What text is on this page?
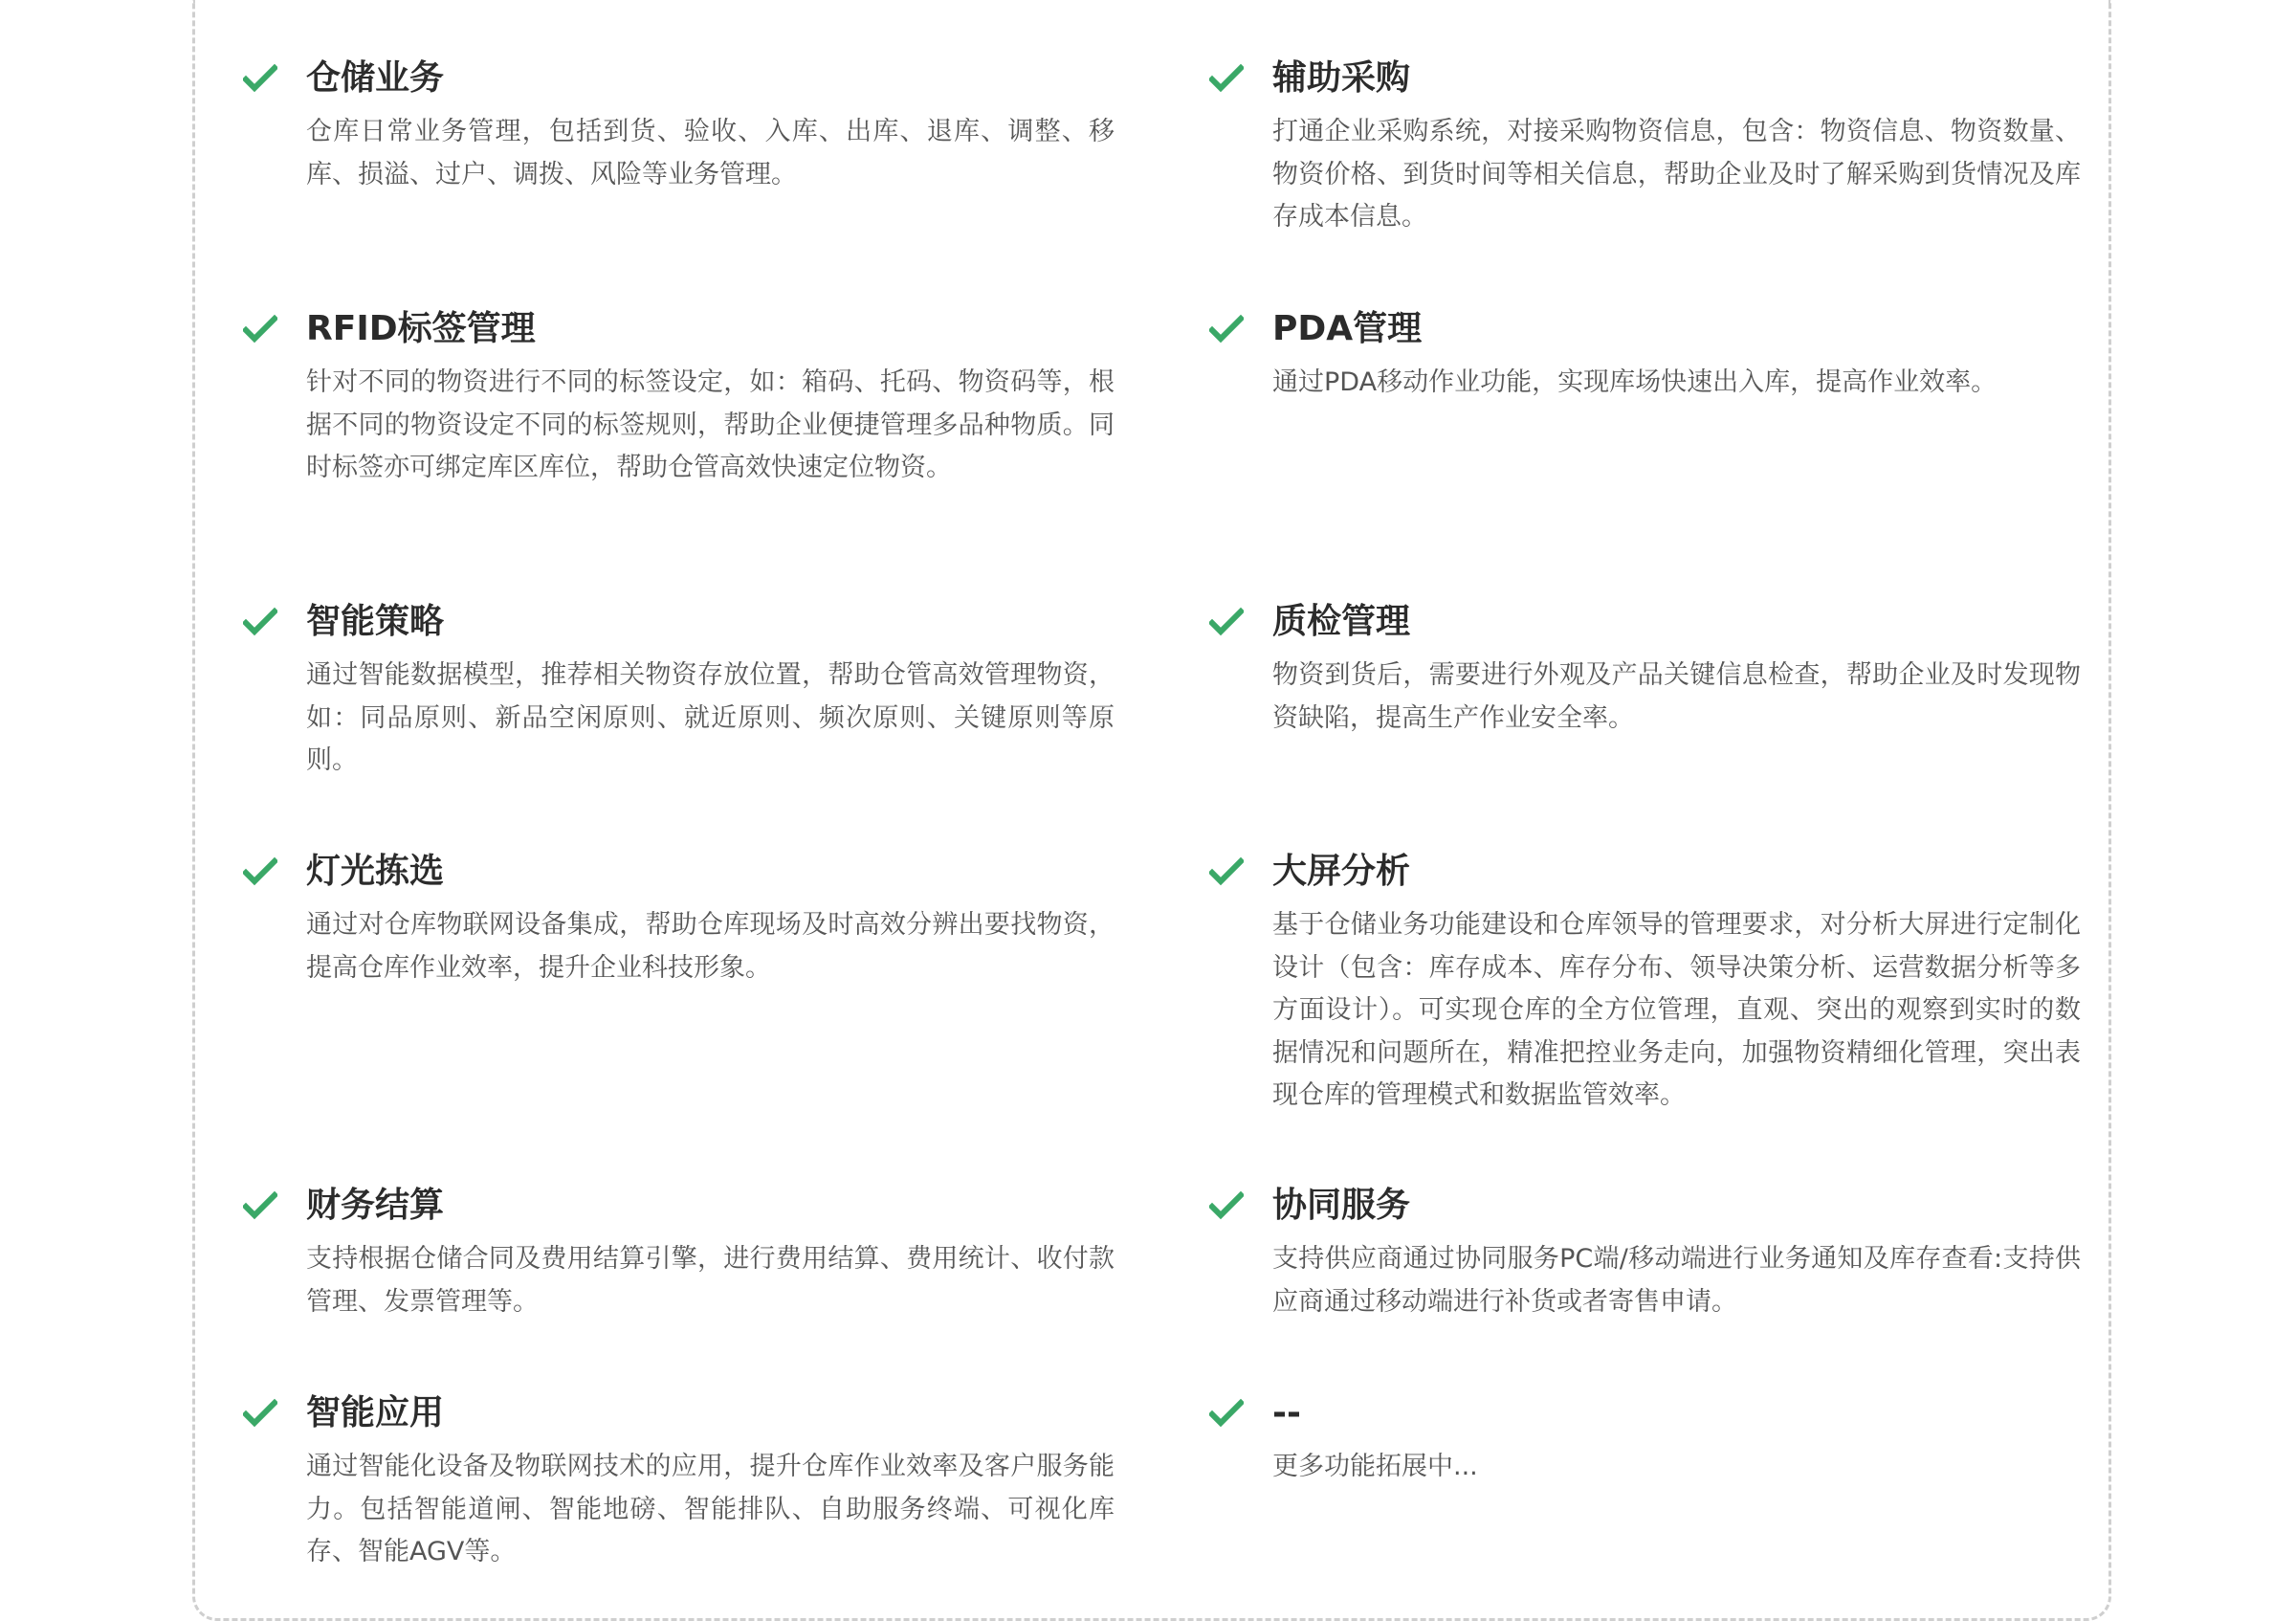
仓储业务
仓库日常业务管理，包括到货、验收、入库、出库、退库、调整、移库、损溢、过户、调拨、风险等业务管理。
辅助采购
打通企业采购系统，对接采购物资信息，包含：物资信息、物资数量、物资价格、到货时间等相关信息，帮助企业及时了解采购到货情况及库存成本信息。
RFID标签管理
针对不同的物资进行不同的标签设定，如：箱码、托码、物资码等，根据不同的物资设定不同的标签规则，帮助企业便捷管理多品种物质。同时标签亦可绑定库区库位，帮助仓管高效快速定位物资。
PDA管理
通过PDA移动作业功能，实现库场快速出入库，提高作业效率。
智能策略
通过智能数据模型，推荐相关物资存放位置，帮助仓管高效管理物资，如：同品原则、新品空闲原则、就近原则、频次原则、关键原则等原则。
质检管理
物资到货后，需要进行外观及产品关键信息检查，帮助企业及时发现物资缺陷，提高生产作业安全率。
灯光拣选
通过对仓库物联网设备集成，帮助仓库现场及时高效分辨出要找物资，提高仓库作业效率，提升企业科技形象。
大屏分析
基于仓储业务功能建设和仓库领导的管理要求，对分析大屏进行定制化设计（包含：库存成本、库存分布、领导决策分析、运营数据分析等多方面设计）。可实现仓库的全方位管理，直观、突出的观察到实时的数据情况和问题所在，精准把控业务走向，加强物资精细化管理，突出表现仓库的管理模式和数据监管效率。
财务结算
支持根据仓储合同及费用结算引擎，进行费用结算、费用统计、收付款管理、发票管理等。
协同服务
支持供应商通过协同服务PC端/移动端进行业务通知及库存查看:支持供应商通过移动端进行补货或者寄售申请。
智能应用
通过智能化设备及物联网技术的应用，提升仓库作业效率及客户服务能力。包括智能道闸、智能地磅、智能排队、自助服务终端、可视化库存、智能AGV等。
--
更多功能拓展中...
